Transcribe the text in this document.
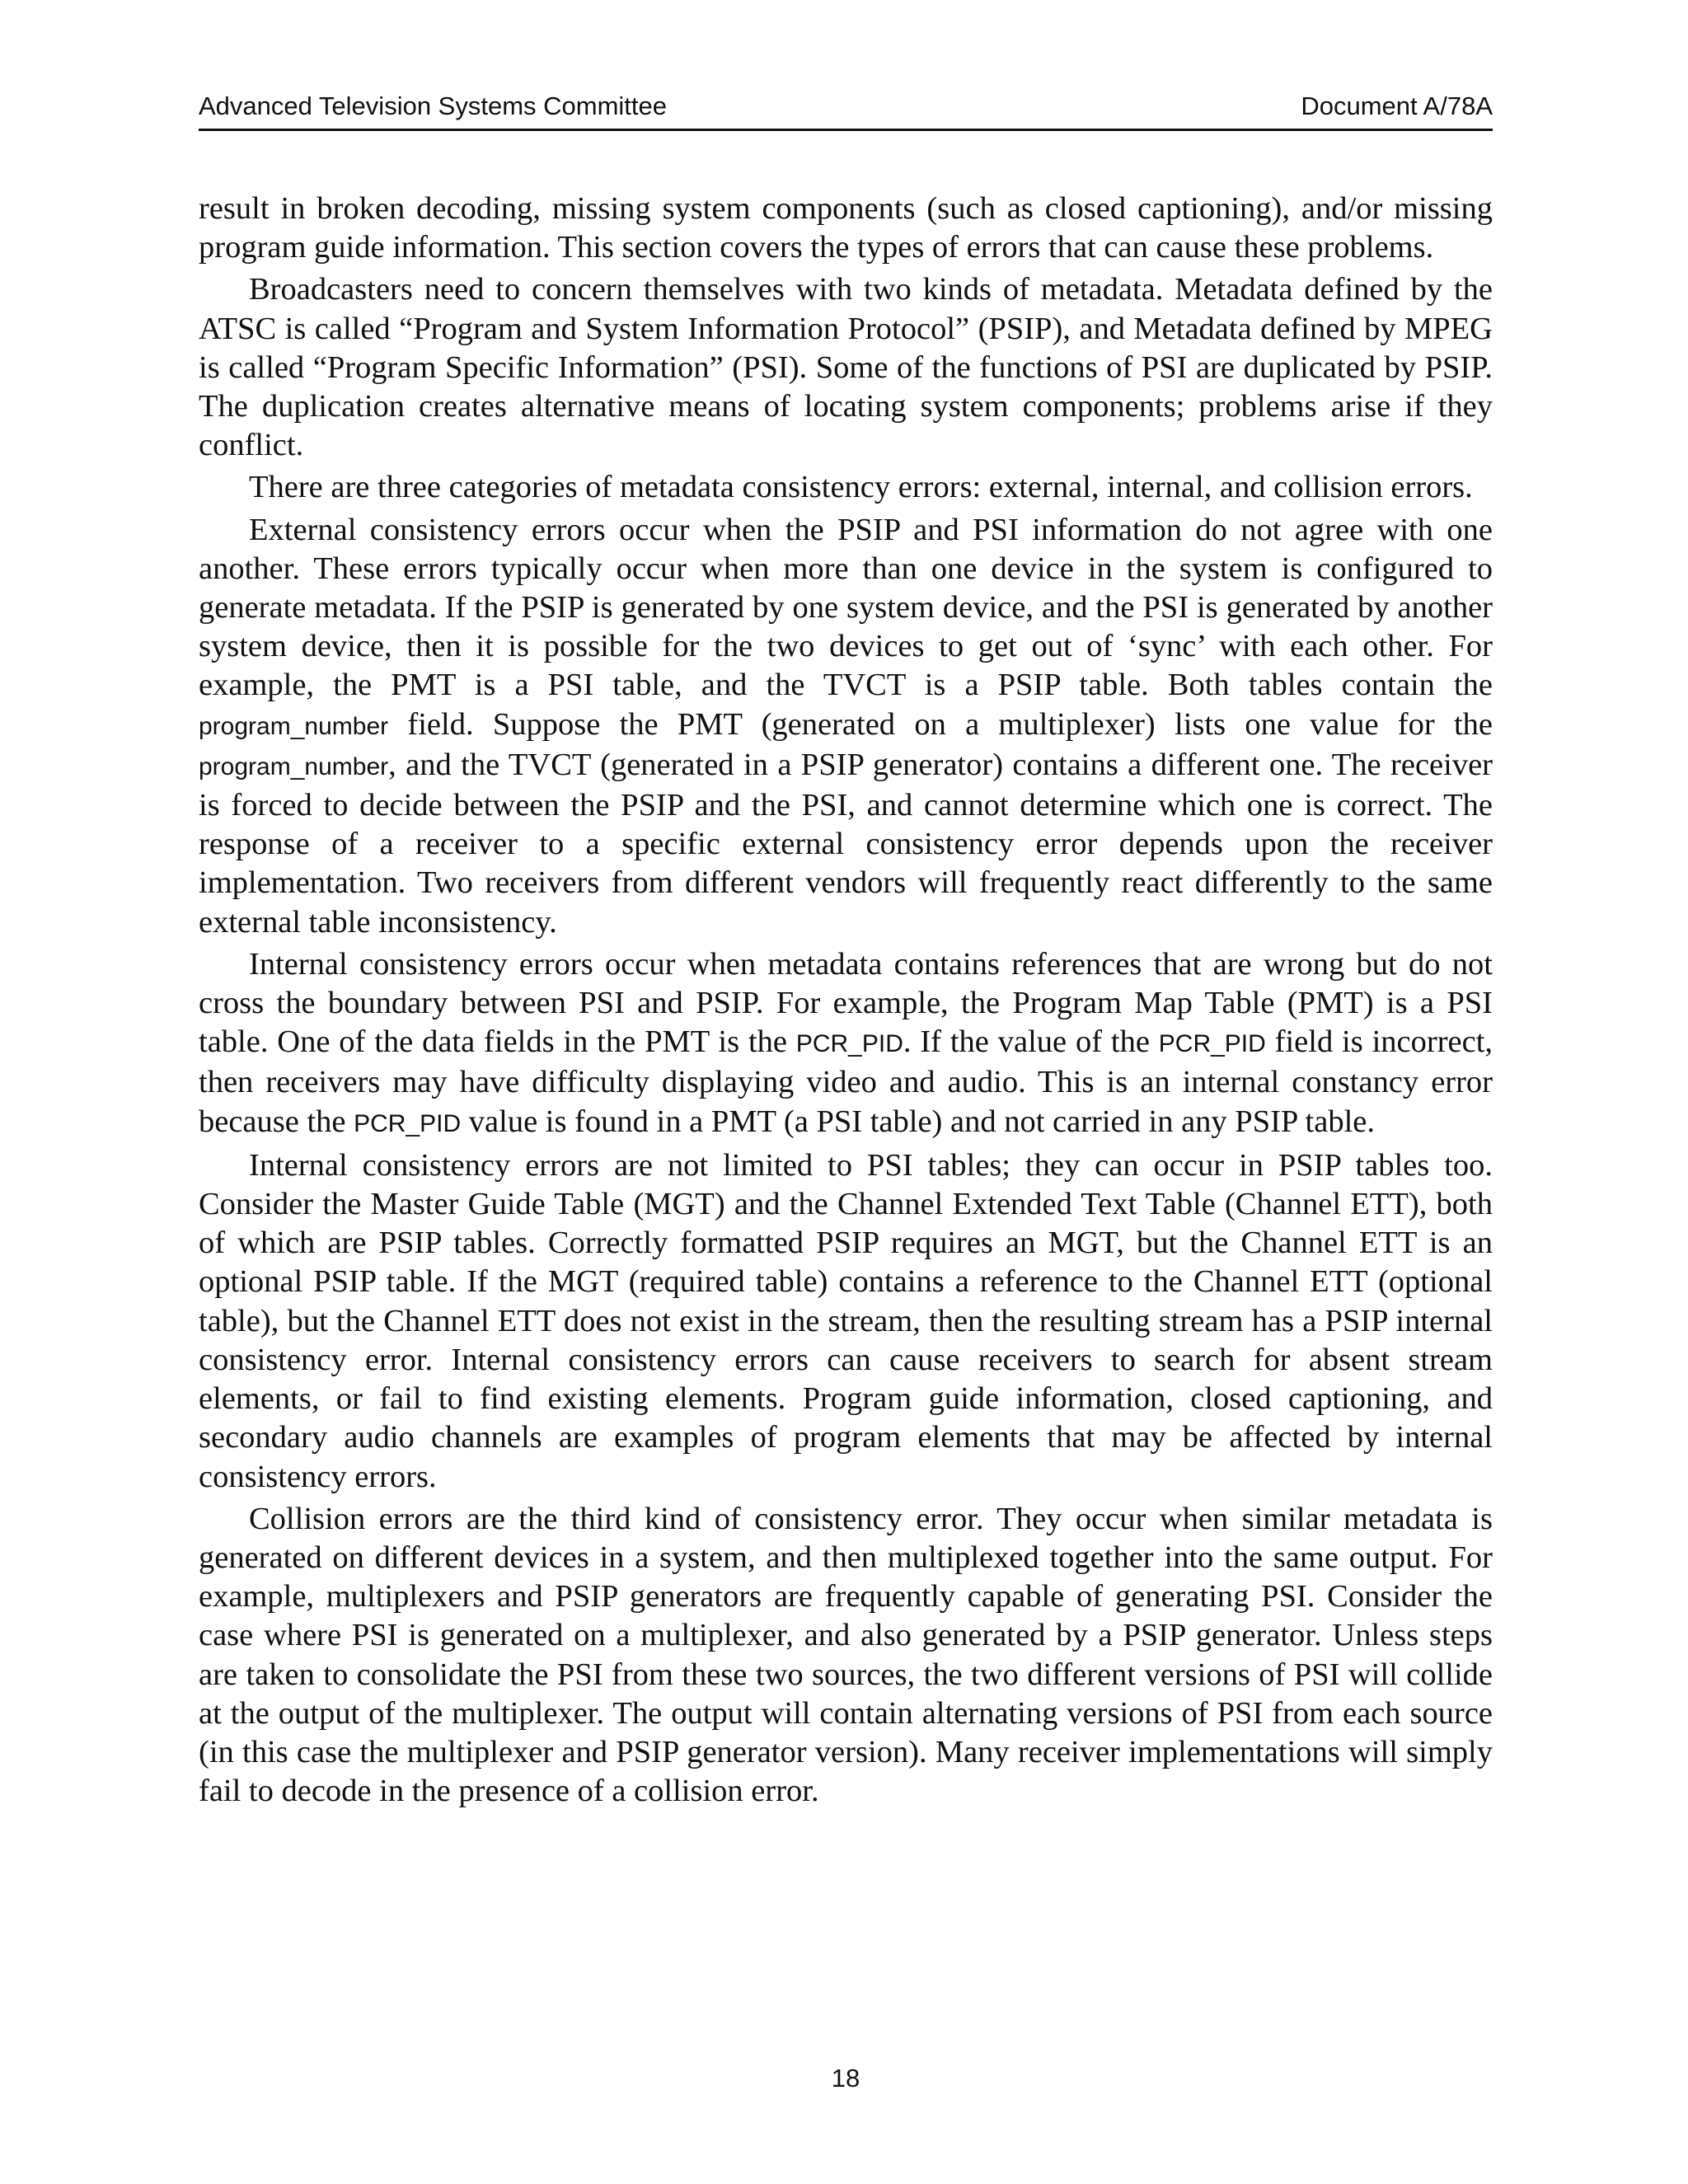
Advanced Television Systems Committee	Document A/78A

result in broken decoding, missing system components (such as closed captioning), and/or missing program guide information. This section covers the types of errors that can cause these problems.

Broadcasters need to concern themselves with two kinds of metadata. Metadata defined by the ATSC is called “Program and System Information Protocol” (PSIP), and Metadata defined by MPEG is called “Program Specific Information” (PSI). Some of the functions of PSI are duplicated by PSIP. The duplication creates alternative means of locating system components; problems arise if they conflict.

There are three categories of metadata consistency errors: external, internal, and collision errors.

External consistency errors occur when the PSIP and PSI information do not agree with one another. These errors typically occur when more than one device in the system is configured to generate metadata. If the PSIP is generated by one system device, and the PSI is generated by another system device, then it is possible for the two devices to get out of ‘sync’ with each other. For example, the PMT is a PSI table, and the TVCT is a PSIP table. Both tables contain the program_number field. Suppose the PMT (generated on a multiplexer) lists one value for the program_number, and the TVCT (generated in a PSIP generator) contains a different one. The receiver is forced to decide between the PSIP and the PSI, and cannot determine which one is correct. The response of a receiver to a specific external consistency error depends upon the receiver implementation. Two receivers from different vendors will frequently react differently to the same external table inconsistency.

Internal consistency errors occur when metadata contains references that are wrong but do not cross the boundary between PSI and PSIP. For example, the Program Map Table (PMT) is a PSI table. One of the data fields in the PMT is the PCR_PID. If the value of the PCR_PID field is incorrect, then receivers may have difficulty displaying video and audio. This is an internal constancy error because the PCR_PID value is found in a PMT (a PSI table) and not carried in any PSIP table.

Internal consistency errors are not limited to PSI tables; they can occur in PSIP tables too. Consider the Master Guide Table (MGT) and the Channel Extended Text Table (Channel ETT), both of which are PSIP tables. Correctly formatted PSIP requires an MGT, but the Channel ETT is an optional PSIP table. If the MGT (required table) contains a reference to the Channel ETT (optional table), but the Channel ETT does not exist in the stream, then the resulting stream has a PSIP internal consistency error. Internal consistency errors can cause receivers to search for absent stream elements, or fail to find existing elements. Program guide information, closed captioning, and secondary audio channels are examples of program elements that may be affected by internal consistency errors.

Collision errors are the third kind of consistency error. They occur when similar metadata is generated on different devices in a system, and then multiplexed together into the same output. For example, multiplexers and PSIP generators are frequently capable of generating PSI. Consider the case where PSI is generated on a multiplexer, and also generated by a PSIP generator. Unless steps are taken to consolidate the PSI from these two sources, the two different versions of PSI will collide at the output of the multiplexer. The output will contain alternating versions of PSI from each source (in this case the multiplexer and PSIP generator version). Many receiver implementations will simply fail to decode in the presence of a collision error.

18
